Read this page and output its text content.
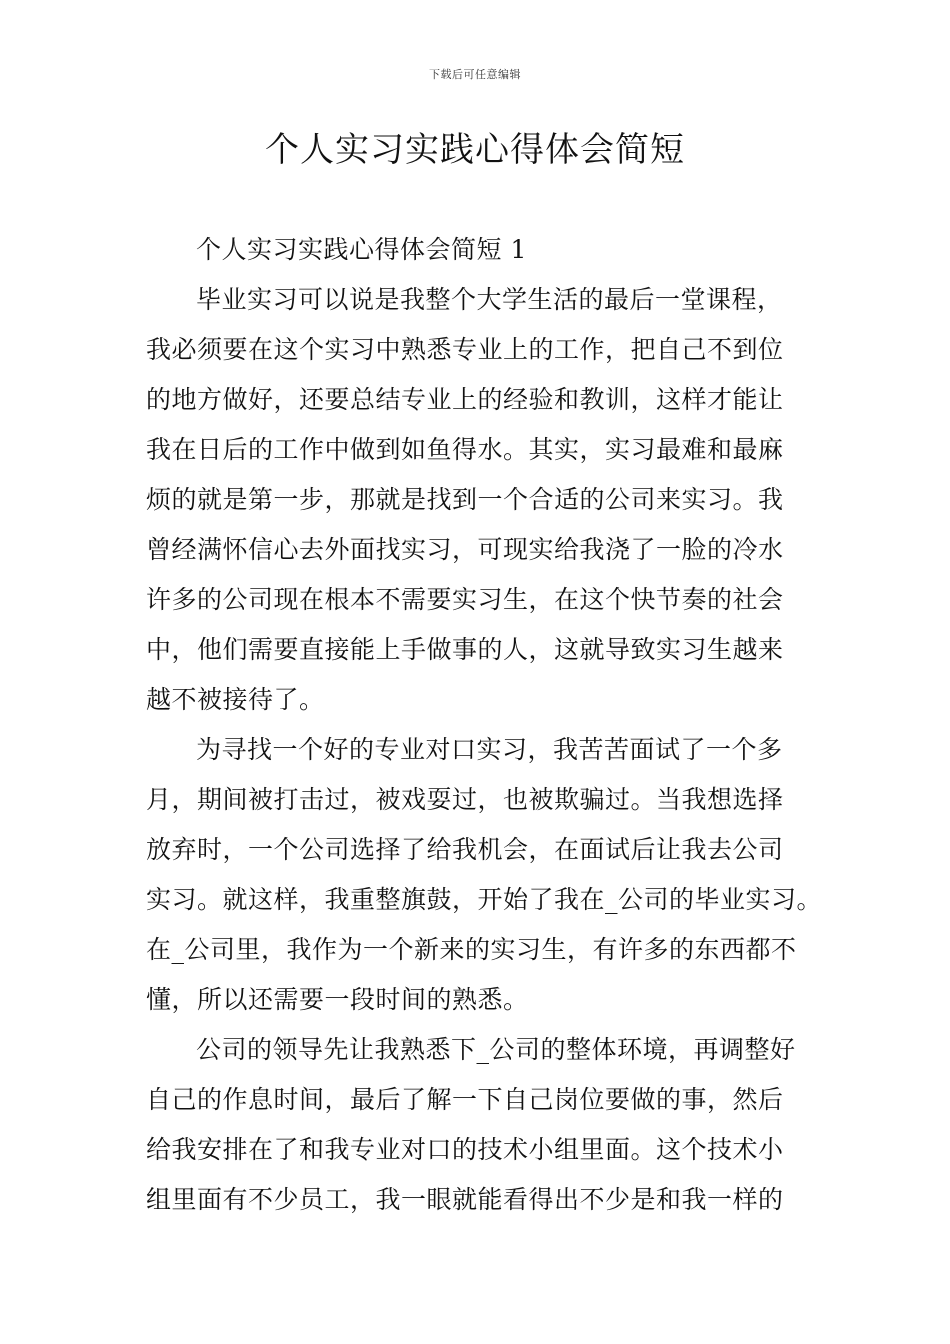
下载后可任意编辑
个人实习实践心得体会简短

个人实习实践心得体会简短 1

毕业实习可以说是我整个大学生活的最后一堂课程，

我必须要在这个实习中熟悉专业上的工作，把自己不到位

的地方做好，还要总结专业上的经验和教训，这样才能让

我在日后的工作中做到如鱼得水。其实，实习最难和最麻

烦的就是第一步，那就是找到一个合适的公司来实习。我

曾经满怀信心去外面找实习，可现实给我浇了一脸的冷水

许多的公司现在根本不需要实习生，在这个快节奏的社会

中，他们需要直接能上手做事的人，这就导致实习生越来

越不被接待了。

为寻找一个好的专业对口实习，我苦苦面试了一个多

月，期间被打击过，被戏耍过，也被欺骗过。当我想选择

放弃时，一个公司选择了给我机会，在面试后让我去公司

实习。就这样，我重整旗鼓，开始了我在_公司的毕业实习。

在_公司里，我作为一个新来的实习生，有许多的东西都不

懂，所以还需要一段时间的熟悉。

公司的领导先让我熟悉下_公司的整体环境，再调整好

自己的作息时间，最后了解一下自己岗位要做的事，然后

给我安排在了和我专业对口的技术小组里面。这个技术小

组里面有不少员工，我一眼就能看得出不少是和我一样的
